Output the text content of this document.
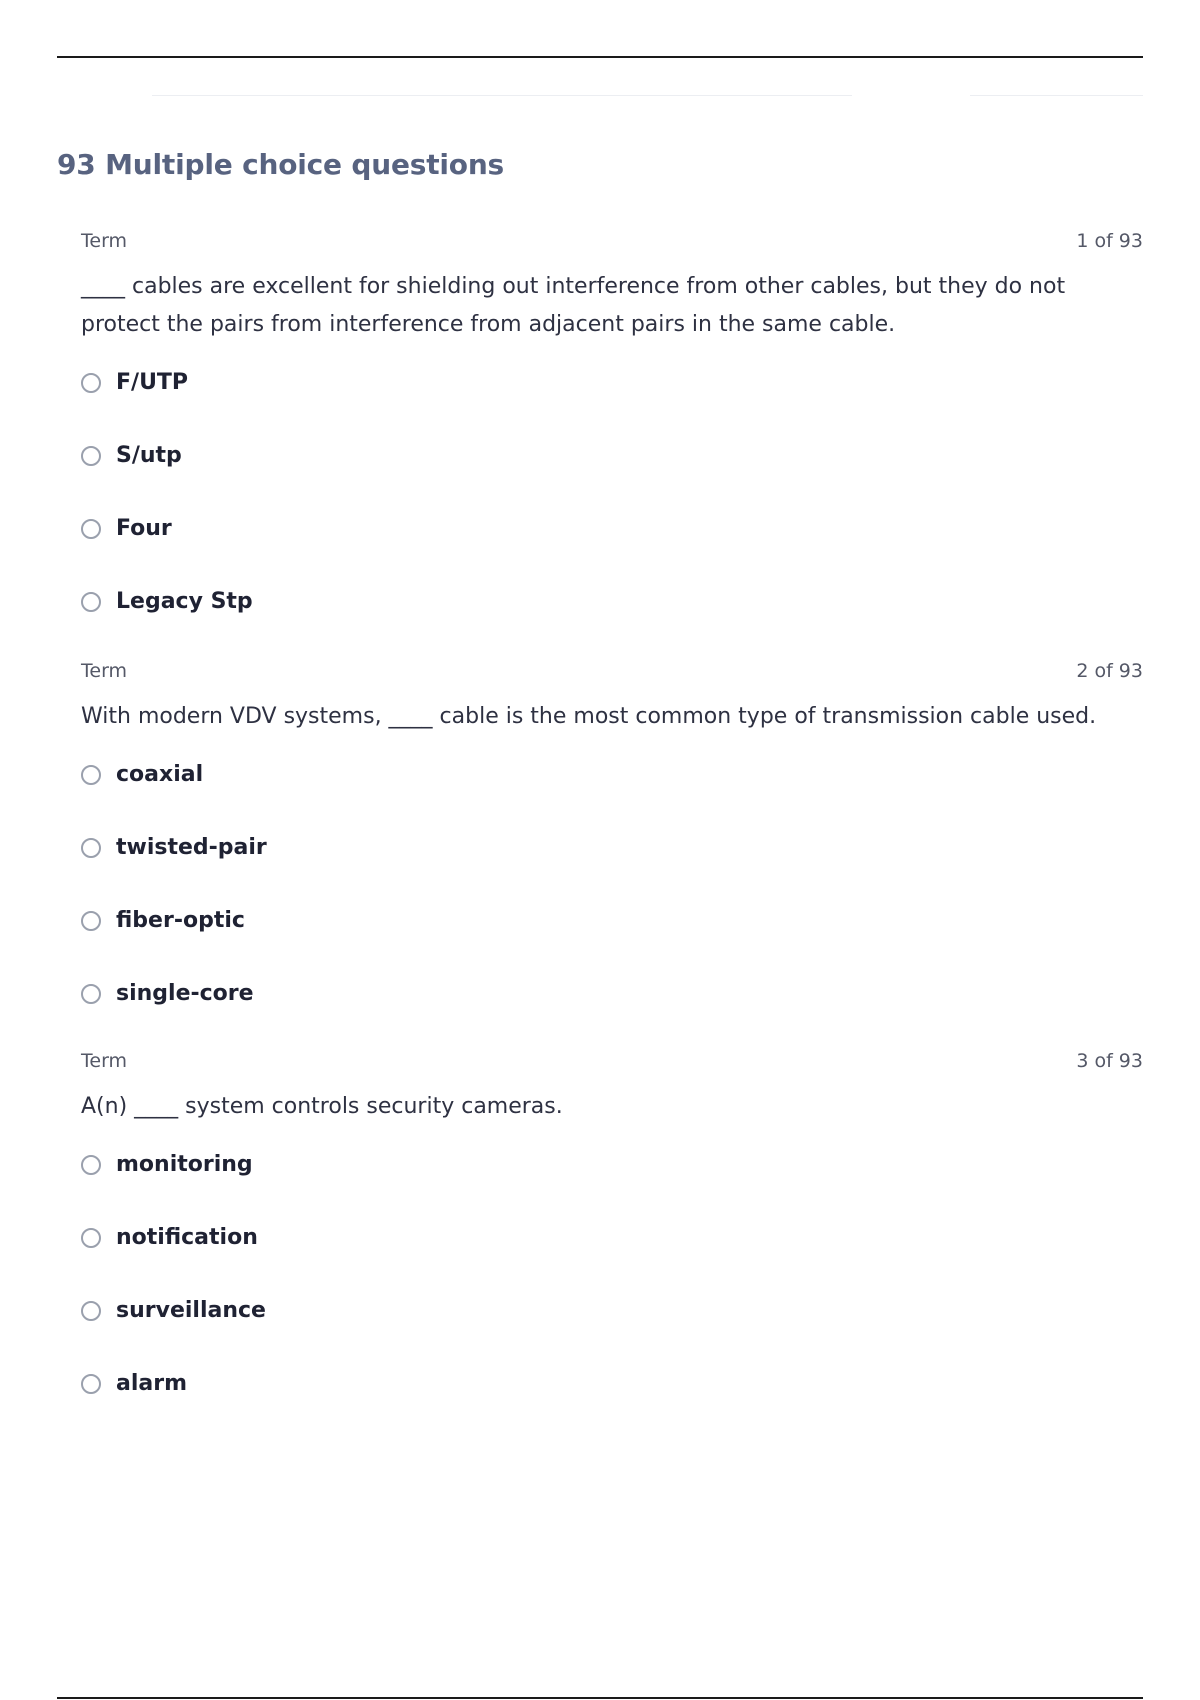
93 Multiple choice questions
Term	1 of 93
____ cables are excellent for shielding out interference from other cables, but they do not protect the pairs from interference from adjacent pairs in the same cable.
F/UTP
S/utp
Four
Legacy Stp
Term	2 of 93
With modern VDV systems, ____ cable is the most common type of transmission cable used.
coaxial
twisted-pair
fiber-optic
single-core
Term	3 of 93
A(n) ____ system controls security cameras.
monitoring
notification
surveillance
alarm
